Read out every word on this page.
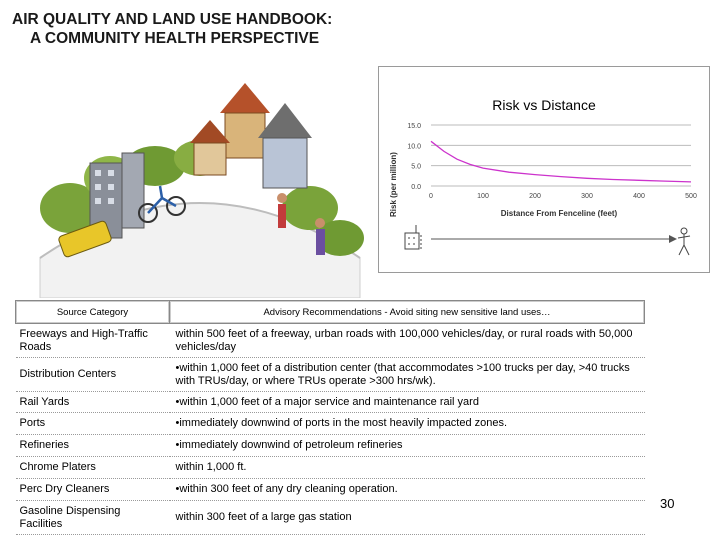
AIR QUALITY AND LAND USE HANDBOOK:
A COMMUNITY HEALTH PERSPECTIVE
Risk vs Distance
0.0
5.0
10.0
15.0
0	100	200	300	400	500
Risk (per million)	Distance From Fenceline (feet)
Source Category	Advisory Recommendations - Avoid siting new sensitive land uses…
Freeways and High-Traffic Roads	within 500 feet of a freeway, urban roads with 100,000 vehicles/day, or rural roads with 50,000 vehicles/day
Distribution Centers	•within 1,000 feet of a distribution center (that accommodates >100 trucks per day, >40 trucks with TRUs/day, or where TRUs operate >300 hrs/wk).
Rail Yards	•within 1,000 feet of a major service and maintenance rail yard
Ports	•immediately downwind of ports in the most heavily impacted zones.
Refineries	•immediately downwind of petroleum refineries
Chrome Platers	within 1,000 ft.
Perc Dry Cleaners	•within 300 feet of any dry cleaning operation.
Gasoline Dispensing Facilities	within 300 feet of a large gas station
30
